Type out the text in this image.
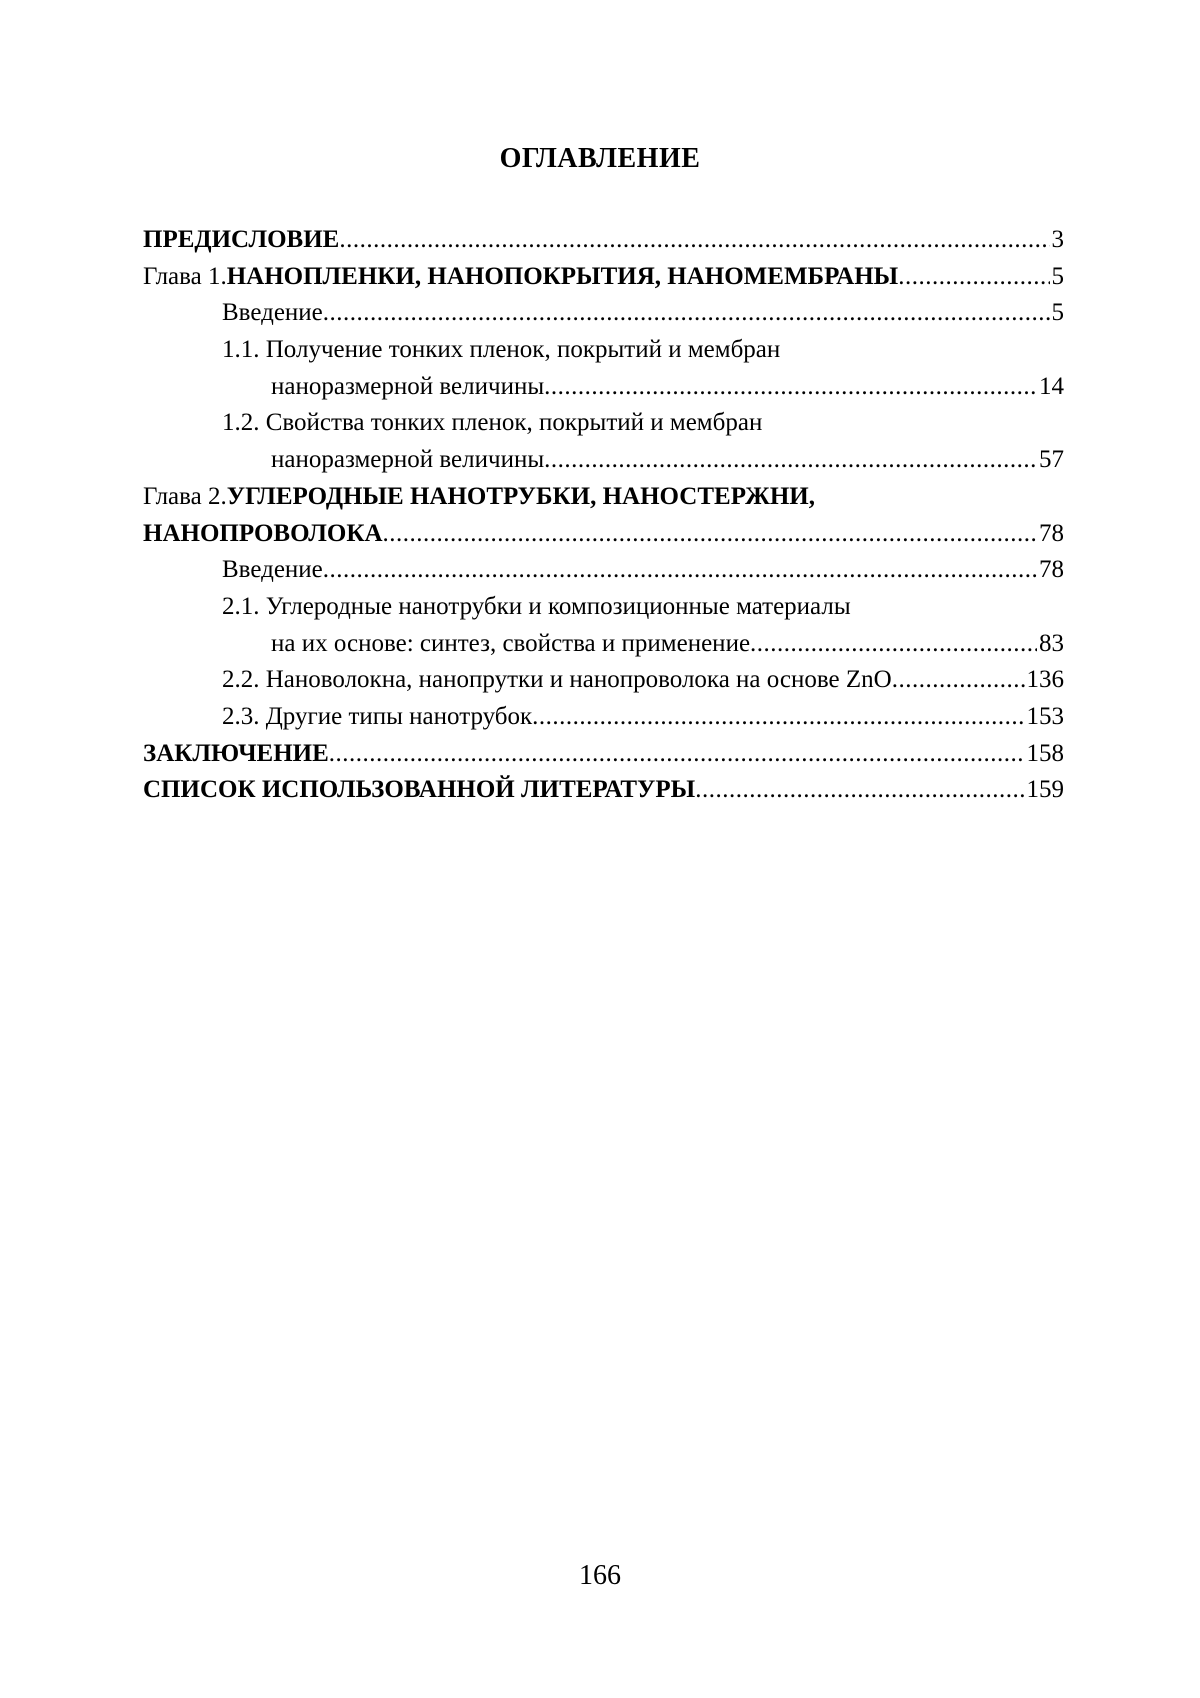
ОГЛАВЛЕНИЕ
ПРЕДИСЛОВИЕ .....	3
Глава 1. НАНОПЛЕНКИ, НАНОПОКРЫТИЯ, НАНОМЕМБРАНЫ .....	5
Введение .....	5
1.1. Получение тонких пленок, покрытий и мембран
наноразмерной величины .....	14
1.2. Свойства тонких пленок, покрытий и мембран
наноразмерной величины .....	57
Глава 2. УГЛЕРОДНЫЕ НАНОТРУБКИ, НАНОСТЕРЖНИ,
НАНОПРОВОЛОКА .....	78
Введение .....	78
2.1. Углеродные нанотрубки и композиционные материалы
на их основе: синтез, свойства и применение .....	83
2.2. Нановолокна, нанопрутки и нанопроволока на основе ZnO .....	136
2.3. Другие типы нанотрубок .....	153
ЗАКЛЮЧЕНИЕ .....	158
СПИСОК ИСПОЛЬЗОВАННОЙ ЛИТЕРАТУРЫ .....	159
166
